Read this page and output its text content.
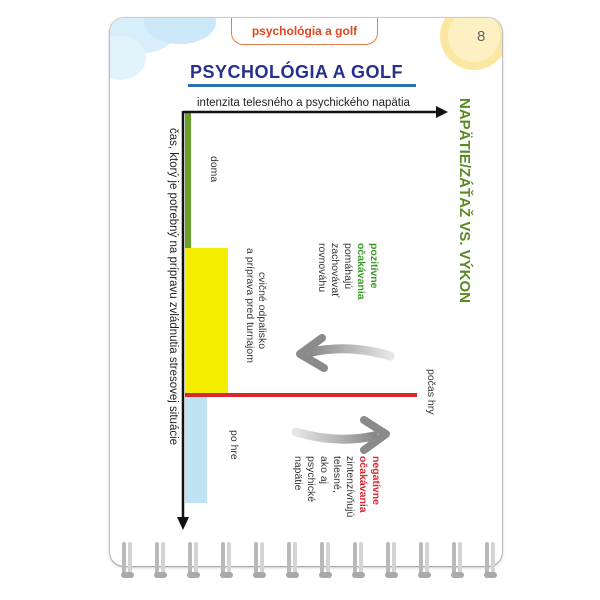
psychológia a golf	8
PSYCHOLÓGIA A GOLF
intenzita telesného a psychického napätia
čas, ktorý je potrebný na prípravu zvládnutia stresovej situácie	NAPÄTIE/ZÁŤAŽ VS. VÝKON
doma
cvičné odpalisko
a príprava pred turnajom
počas hry
po hre
pozitívne
očakávania
pomáhajú
zachovávať
rovnováhu
negatívne
očakávania
zintenzívňujú
telesné,
ako aj
psychické
napätie
